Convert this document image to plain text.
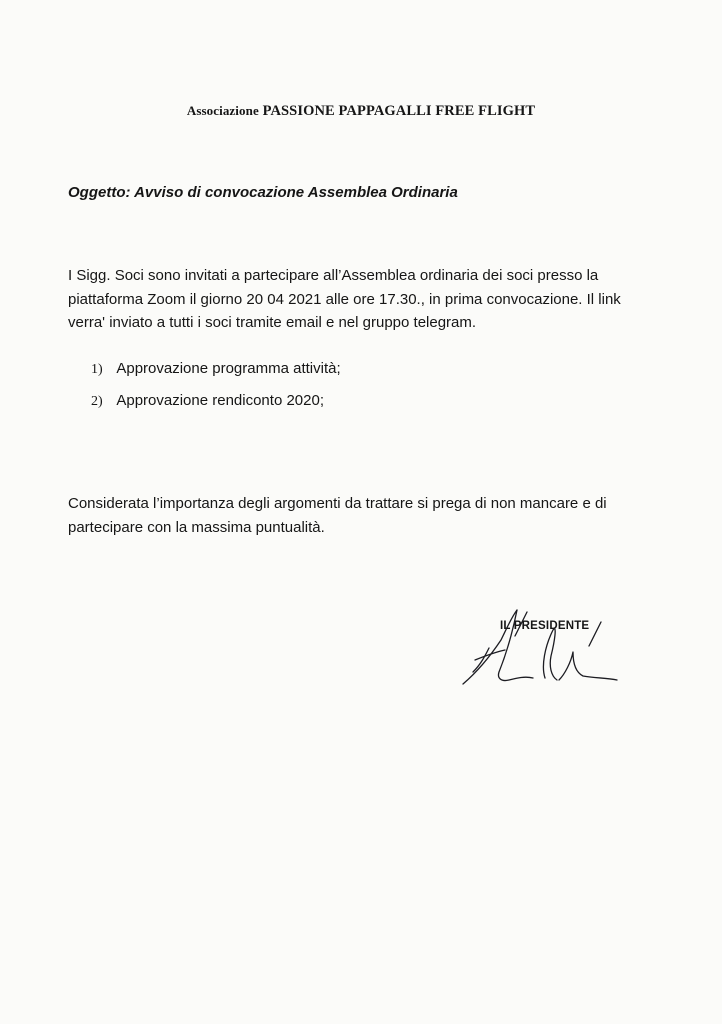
Associazione PASSIONE PAPPAGALLI FREE FLIGHT
Oggetto: Avviso di convocazione Assemblea Ordinaria
I Sigg. Soci sono invitati a partecipare all’Assemblea ordinaria dei soci presso la piattaforma Zoom il giorno 20 04 2021 alle ore 17.30., in prima convocazione. Il link verra' inviato a tutti i soci tramite email e nel gruppo telegram.
1) Approvazione programma attività;
2) Approvazione rendiconto 2020;
Considerata l’importanza degli argomenti da trattare si prega di non mancare e di partecipare con la massima puntualità.
IL PRESIDENTE
